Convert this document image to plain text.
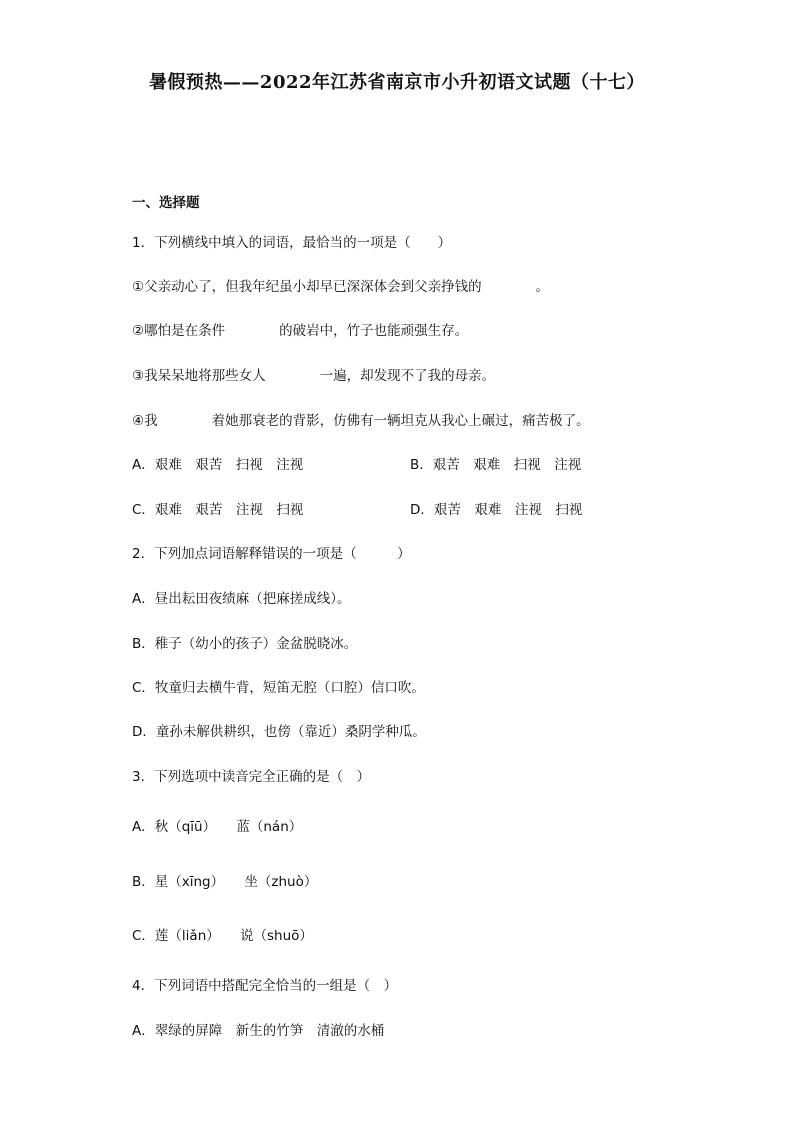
暑假预热——2022年江苏省南京市小升初语文试题（十七）
一、选择题
1．下列横线中填入的词语，最恰当的一项是（　　）
①父亲动心了，但我年纪虽小却早已深深体会到父亲挣钱的　　　　。
②哪怕是在条件　　　　的破岩中，竹子也能顽强生存。
③我呆呆地将那些女人　　　　一遍，却发现不了我的母亲。
④我　　　　着她那衰老的背影，仿佛有一辆坦克从我心上碾过，痛苦极了。
A．艰难　艰苦　扫视　注视	B．艰苦　艰难　扫视　注视
C．艰难　艰苦　注视　扫视	D．艰苦　艰难　注视　扫视
2．下列加点词语解释错误的一项是（　　　）
A．昼出耘田夜绩麻（把麻搓成线）。
B．稚子（幼小的孩子）金盆脱晓冰。
C．牧童归去横牛背，短笛无腔（口腔）信口吹。
D．童孙未解供耕织，也傍（靠近）桑阴学种瓜。
3．下列选项中读音完全正确的是（　）
A．秋（qīū）　　蓝（nán）
B．星（xīng）　　坐（zhuò）
C．莲（liǎn）　　说（shuō）
4．下列词语中搭配完全恰当的一组是（　）
A．翠绿的屏障　新生的竹笋　清澈的水桶
